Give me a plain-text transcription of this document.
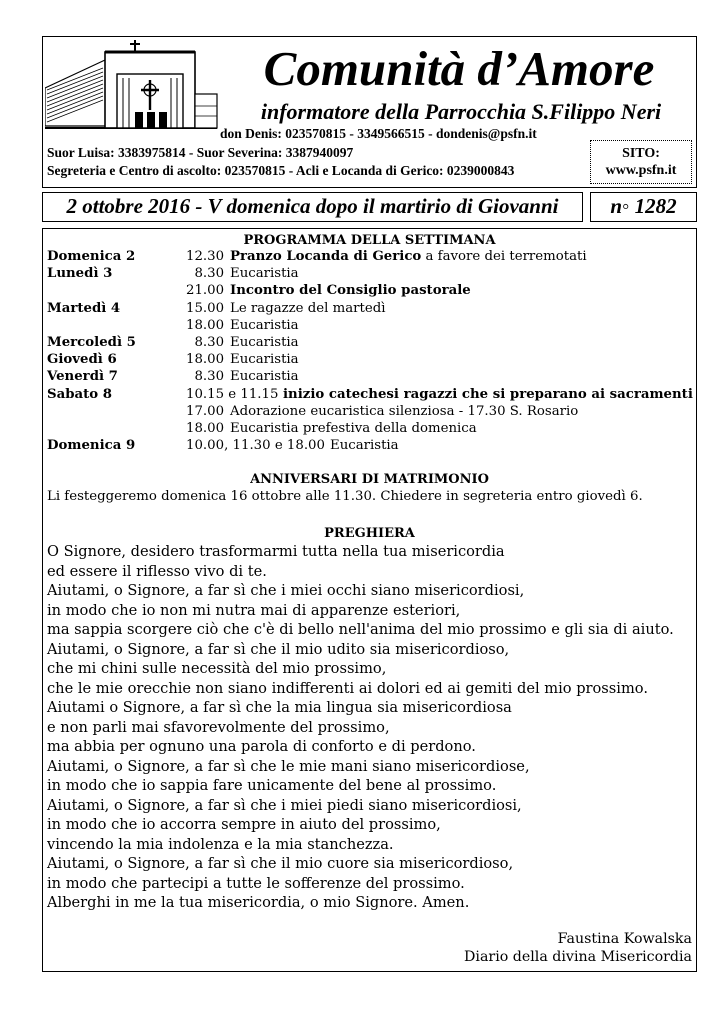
Comunità d’Amore
informatore della Parrocchia S.Filippo Neri
don Denis: 023570815 - 3349566515 - dondenis@psfn.it
Suor Luisa: 3383975814 - Suor Severina: 3387940097
Segreteria e Centro di ascolto: 023570815 - Acli e Locanda di Gerico: 0239000843
SITO:
www.psfn.it
2 ottobre 2016 - V domenica dopo il martirio di Giovanni	n◦ 1282
PROGRAMMA DELLA SETTIMANA
Domenica 2	12.30 Pranzo Locanda di Gerico a favore dei terremotati
Lunedì 3	8.30 Eucaristia
21.00 Incontro del Consiglio pastorale
Martedì 4	15.00 Le ragazze del martedì
18.00 Eucaristia
Mercoledì 5	8.30 Eucaristia
Giovedì 6	18.00 Eucaristia
Venerdì 7	8.30 Eucaristia
Sabato 8	10.15 e 11.15 inizio catechesi ragazzi che si preparano ai sacramenti
17.00 Adorazione eucaristica silenziosa - 17.30 S. Rosario
18.00 Eucaristia prefestiva della domenica
Domenica 9	10.00, 11.30 e 18.00 Eucaristia
ANNIVERSARI DI MATRIMONIO
Li festeggeremo domenica 16 ottobre alle 11.30. Chiedere in segreteria entro giovedì 6.
PREGHIERA
O Signore, desidero trasformarmi tutta nella tua misericordia
ed essere il riflesso vivo di te.
Aiutami, o Signore, a far sì che i miei occhi siano misericordiosi,
in modo che io non mi nutra mai di apparenze esteriori,
ma sappia scorgere ciò che c'è di bello nell'anima del mio prossimo e gli sia di aiuto.
Aiutami, o Signore, a far sì che il mio udito sia misericordioso,
che mi chini sulle necessità del mio prossimo,
che le mie orecchie non siano indifferenti ai dolori ed ai gemiti del mio prossimo.
Aiutami o Signore, a far sì che la mia lingua sia misericordiosa
e non parli mai sfavorevolmente del prossimo,
ma abbia per ognuno una parola di conforto e di perdono.
Aiutami, o Signore, a far sì che le mie mani siano misericordiose,
in modo che io sappia fare unicamente del bene al prossimo.
Aiutami, o Signore, a far sì che i miei piedi siano misericordiosi,
in modo che io accorra sempre in aiuto del prossimo,
vincendo la mia indolenza e la mia stanchezza.
Aiutami, o Signore, a far sì che il mio cuore sia misericordioso,
in modo che partecipi a tutte le sofferenze del prossimo.
Alberghi in me la tua misericordia, o mio Signore. Amen.
Faustina Kowalska
Diario della divina Misericordia
